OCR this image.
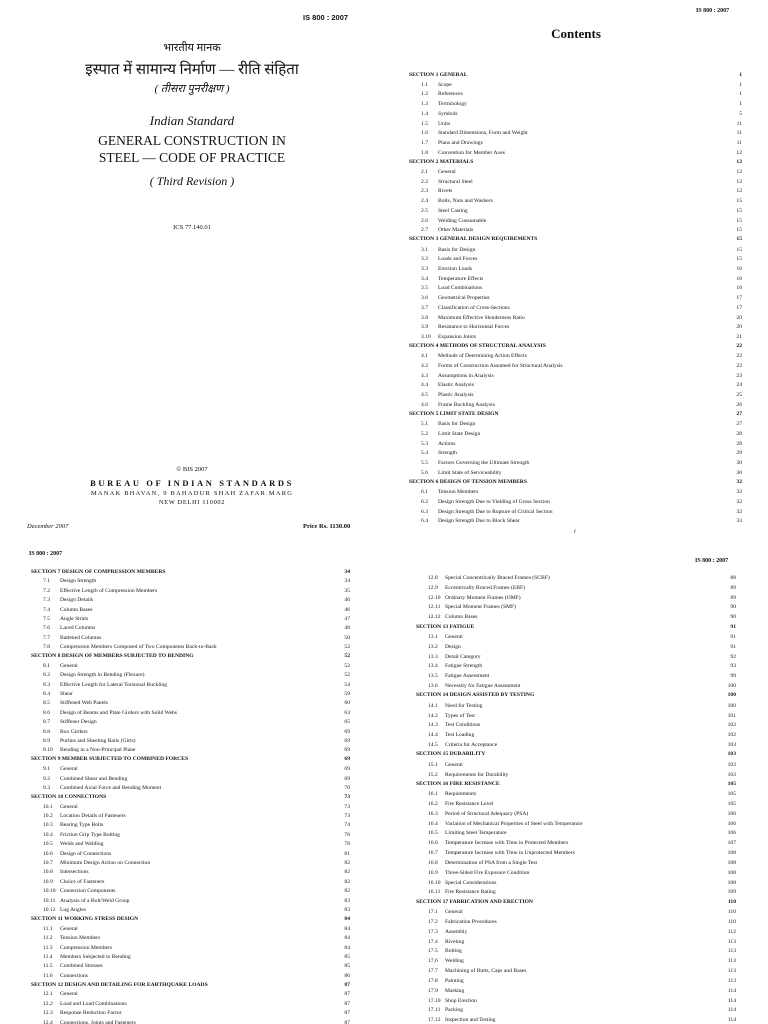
IS 800 : 2007
भारतीय मानक
इस्पात में सामान्य निर्माण — रीति संहिता
( तीसरा पुनरीक्षण )
Indian Standard
GENERAL CONSTRUCTION IN
STEEL — CODE OF PRACTICE
( Third Revision )
ICS 77.140.01
© BIS 2007
BUREAU OF INDIAN STANDARDS
MANAK BHAVAN, 9 BAHADUR SHAH ZAFAR MARG
NEW DELHI 110002
December 2007	Price Rs. 1130.00
IS 800 : 2007
Contents
SECTION 1 GENERAL	1
1.1 Scope	1
1.2 References	1
1.3 Terminology	1
1.4 Symbols	5
1.5 Units	11
1.6 Standard Dimensions, Form and Weight	11
1.7 Plans and Drawings	11
1.8 Convention for Member Axes	12
SECTION 2 MATERIALS	12
2.1 General	12
2.2 Structural Steel	12
2.3 Rivets	12
2.4 Bolts, Nuts and Washers	15
2.5 Steel Casting	15
2.6 Welding Consumable	15
2.7 Other Materials	15
SECTION 3 GENERAL DESIGN REQUIREMENTS	15
3.1 Basis for Design	15
3.2 Loads and Forces	15
3.3 Erection Loads	16
3.4 Temperature Effects	16
3.5 Load Combinations	16
3.6 Geometrical Properties	17
3.7 Classification of Cross-Sections	17
3.8 Maximum Effective Slenderness Ratio	20
3.9 Resistance to Horizontal Forces	20
3.10 Expansion Joints	21
SECTION 4 METHODS OF STRUCTURAL ANALYSIS	22
4.1 Methods of Determining Action Effects	22
4.2 Forms of Construction Assumed for Structural Analysis	22
4.3 Assumptions in Analysis	23
4.4 Elastic Analysis	24
4.5 Plastic Analysis	25
4.6 Frame Buckling Analysis	26
SECTION 5 LIMIT STATE DESIGN	27
5.1 Basis for Design	27
5.2 Limit State Design	28
5.3 Actions	28
5.4 Strength	29
5.5 Factors Governing the Ultimate Strength	30
5.6 Limit State of Serviceability	30
SECTION 6 DESIGN OF TENSION MEMBERS	32
6.1 Tension Members	32
6.2 Design Strength Due to Yielding of Gross Section	32
6.3 Design Strength Due to Rupture of Critical Section	32
6.4 Design Strength Due to Block Shear	33
i
IS 800 : 2007
SECTION 7 DESIGN OF COMPRESSION MEMBERS	34
7.1 Design Strength	34
7.2 Effective Length of Compression Members	35
7.3 Design Details	46
7.4 Column Bases	46
7.5 Angle Struts	47
7.6 Laced Columns	48
7.7 Battened Columns	50
7.8 Compression Members Composed of Two Components Back-to-Back	52
SECTION 8 DESIGN OF MEMBERS SUBJECTED TO BENDING	52
8.1 General	52
8.2 Design Strength in Bending (Flexure)	52
8.3 Effective Length for Lateral Torsional Buckling	54
8.4 Shear	59
8.5 Stiffened Web Panels	60
8.6 Design of Beams and Plate Girders with Solid Webs	63
8.7 Stiffener Design	65
8.8 Box Girders	69
8.9 Purlins and Sheeting Rails (Girts)	69
8.10 Bending in a Non-Principal Plane	69
SECTION 9 MEMBER SUBJECTED TO COMBINED FORCES	69
9.1 General	69
9.2 Combined Shear and Bending	69
9.3 Combined Axial Force and Bending Moment	70
SECTION 10 CONNECTIONS	73
10.1 General	73
10.2 Location Details of Fasteners	73
10.3 Bearing Type Bolts	74
10.4 Friction Grip Type Bolting	76
10.5 Welds and Welding	78
10.6 Design of Connections	81
10.7 Minimum Design Action on Connection	82
10.8 Intersections	82
10.9 Choice of Fasteners	82
10.10 Connection Components	82
10.11 Analysis of a Bolt/Weld Group	83
10.12 Lug Angles	83
SECTION 11 WORKING STRESS DESIGN	84
11.1 General	84
11.2 Tension Members	84
11.3 Compression Members	84
11.4 Members Subjected to Bending	85
11.5 Combined Stresses	85
11.6 Connections	86
SECTION 12 DESIGN AND DETAILING FOR EARTHQUAKE LOADS	87
12.1 General	87
12.2 Load and Load Combinations	87
12.3 Response Reduction Factor	87
12.4 Connections, Joints and Fasteners	87
IS 800 : 2007
12.8 Special Concentrically Braced Frames (SCBF)	88
12.9 Eccentrically Braced Frames (EBF)	89
12.10 Ordinary Moment Frames (OMF)	89
12.11 Special Moment Frames (SMF)	90
12.12 Column Bases	90
SECTION 13 FATIGUE	91
13.1 General	91
13.2 Design	91
13.3 Detail Category	92
13.4 Fatigue Strength	93
13.5 Fatigue Assessment	99
13.6 Necessity for Fatigue Assessment	100
SECTION 14 DESIGN ASSISTED BY TESTING	100
14.1 Need for Testing	100
14.2 Types of Test	101
14.3 Test Conditions	102
14.4 Test Loading	102
14.5 Criteria for Acceptance	103
SECTION 15 DURABILITY	103
15.1 General	103
15.2 Requirements for Durability	103
SECTION 16 FIRE RESISTANCE	105
16.1 Requirements	105
16.2 Fire Resistance Level	105
16.3 Period of Structural Adequacy (PSA)	106
16.4 Variation of Mechanical Properties of Steel with Temperature	106
16.5 Limiting Steel Temperature	106
16.6 Temperature Increase with Time in Protected Members	107
16.7 Temperature Increase with Time in Unprotected Members	108
16.8 Determination of PSA from a Single Test	108
16.9 Three-Sided Fire Exposure Condition	108
16.10 Special Considerations	108
16.11 Fire Resistance Rating	109
SECTION 17 FABRICATION AND ERECTION	110
17.1 General	110
17.2 Fabrication Procedures	110
17.3 Assembly	112
17.4 Riveting	113
17.5 Bolting	113
17.6 Welding	113
17.7 Machining of Butts, Caps and Bases	113
17.8 Painting	113
17.9 Marking	114
17.10 Shop Erection	114
17.11 Packing	114
17.12 Inspection and Testing	114
